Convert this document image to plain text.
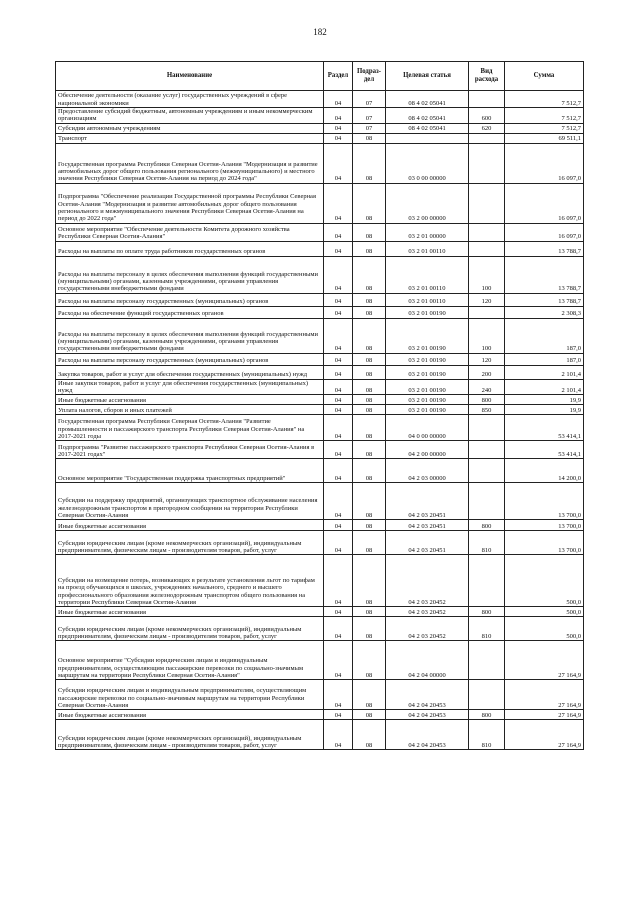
182
Наименование	Раздел	Подраз-дел	Целевая статья	Вид расхода	Сумма
Обеспечение деятельности (оказание услуг) государственных учреждений в сфере национальной экономики	04	07	08 4 02 05041		7 512,7
Предоставление субсидий бюджетным, автономным учреждениям и иным некоммерческим организациям	04	07	08 4 02 05041	600	7 512,7
Субсидии автономным учреждениям	04	07	08 4 02 05041	620	7 512,7
Транспорт	04	08			69 511,1
Государственная программа Республики Северная Осетия-Алания "Модернизация и развитие автомобильных дорог общего пользования регионального (межмуниципального) и местного значения Республики Северная Осетия-Алания на период до 2024 года"	04	08	03 0 00 00000		16 097,0
Подпрограмма "Обеспечение реализации Государственной программы Республики Северная Осетия-Алания "Модернизация и развитие автомобильных дорог общего пользования регионального и межмуниципального значения Республики Северная Осетия-Алания на период до 2022 года"	04	08	03 2 00 00000		16 097,0
Основное мероприятие "Обеспечение деятельности Комитета дорожного хозяйства Республики Северная Осетия-Алания"	04	08	03 2 01 00000		16 097,0
Расходы на выплаты по оплате труда работников государственных органов	04	08	03 2 01 00110		13 788,7
Расходы на выплаты персоналу в целях обеспечения выполнения функций государственными (муниципальными) органами, казенными учреждениями, органами управления государственными внебюджетными фондами	04	08	03 2 01 00110	100	13 788,7
Расходы на выплаты персоналу государственных (муниципальных) органов	04	08	03 2 01 00110	120	13 788,7
Расходы на обеспечение функций государственных органов	04	08	03 2 01 00190		2 308,3
Расходы на выплаты персоналу в целях обеспечения выполнения функций государственными (муниципальными) органами, казенными учреждениями, органами управления государственными внебюджетными фондами	04	08	03 2 01 00190	100	187,0
Расходы на выплаты персоналу государственных (муниципальных) органов	04	08	03 2 01 00190	120	187,0
Закупка товаров, работ и услуг для обеспечения государственных (муниципальных) нужд	04	08	03 2 01 00190	200	2 101,4
Иные закупки товаров, работ и услуг для обеспечения государственных (муниципальных) нужд	04	08	03 2 01 00190	240	2 101,4
Иные бюджетные ассигнования	04	08	03 2 01 00190	800	19,9
Уплата налогов, сборов и иных платежей	04	08	03 2 01 00190	850	19,9
Государственная программа Республики Северная Осетия-Алания "Развитие промышленности и пассажирского транспорта Республики Северная Осетия-Алания" на 2017-2021 годы	04	08	04 0 00 00000		53 414,1
Подпрограмма "Развитие пассажирского транспорта Республики Северная Осетия-Алания в 2017-2021 годах"	04	08	04 2 00 00000		53 414,1
Основное мероприятие "Государственная поддержка транспортных предприятий"	04	08	04 2 03 00000		14 200,0
Субсидии на поддержку предприятий, организующих транспортное обслуживание населения железнодорожным транспортом в пригородном сообщении на территории Республики Северная Осетия-Алания	04	08	04 2 03 20451		13 700,0
Иные бюджетные ассигнования	04	08	04 2 03 20451	800	13 700,0
Субсидии юридическим лицам (кроме некоммерческих организаций), индивидуальным предпринимателям, физическим лицам - производителям товаров, работ, услуг	04	08	04 2 03 20451	810	13 700,0
Субсидии на возмещение потерь, возникающих в результате установления льгот по тарифам на проезд обучающихся в школах, учреждениях начального, среднего и высшего профессионального образования железнодорожным транспортом общего пользования на территории Республики Северная Осетия-Алания	04	08	04 2 03 20452		500,0
Иные бюджетные ассигнования	04	08	04 2 03 20452	800	500,0
Субсидии юридическим лицам (кроме некоммерческих организаций), индивидуальным предпринимателям, физическим лицам - производителям товаров, работ, услуг	04	08	04 2 03 20452	810	500,0
Основное мероприятие "Субсидии юридическим лицам и индивидуальным предпринимателям, осуществляющим пассажирские перевозки по социально-значимым маршрутам на территории Республики Северная Осетия-Алания"	04	08	04 2 04 00000		27 164,9
Субсидии юридическим лицам и индивидуальным предпринимателям, осуществляющим пассажирские перевозки по социально-значимым маршрутам на территории Республики Северная Осетия-Алания	04	08	04 2 04 20453		27 164,9
Иные бюджетные ассигнования	04	08	04 2 04 20453	800	27 164,9
Субсидии юридическим лицам (кроме некоммерческих организаций), индивидуальным предпринимателям, физическим лицам - производителям товаров, работ, услуг	04	08	04 2 04 20453	810	27 164,9
